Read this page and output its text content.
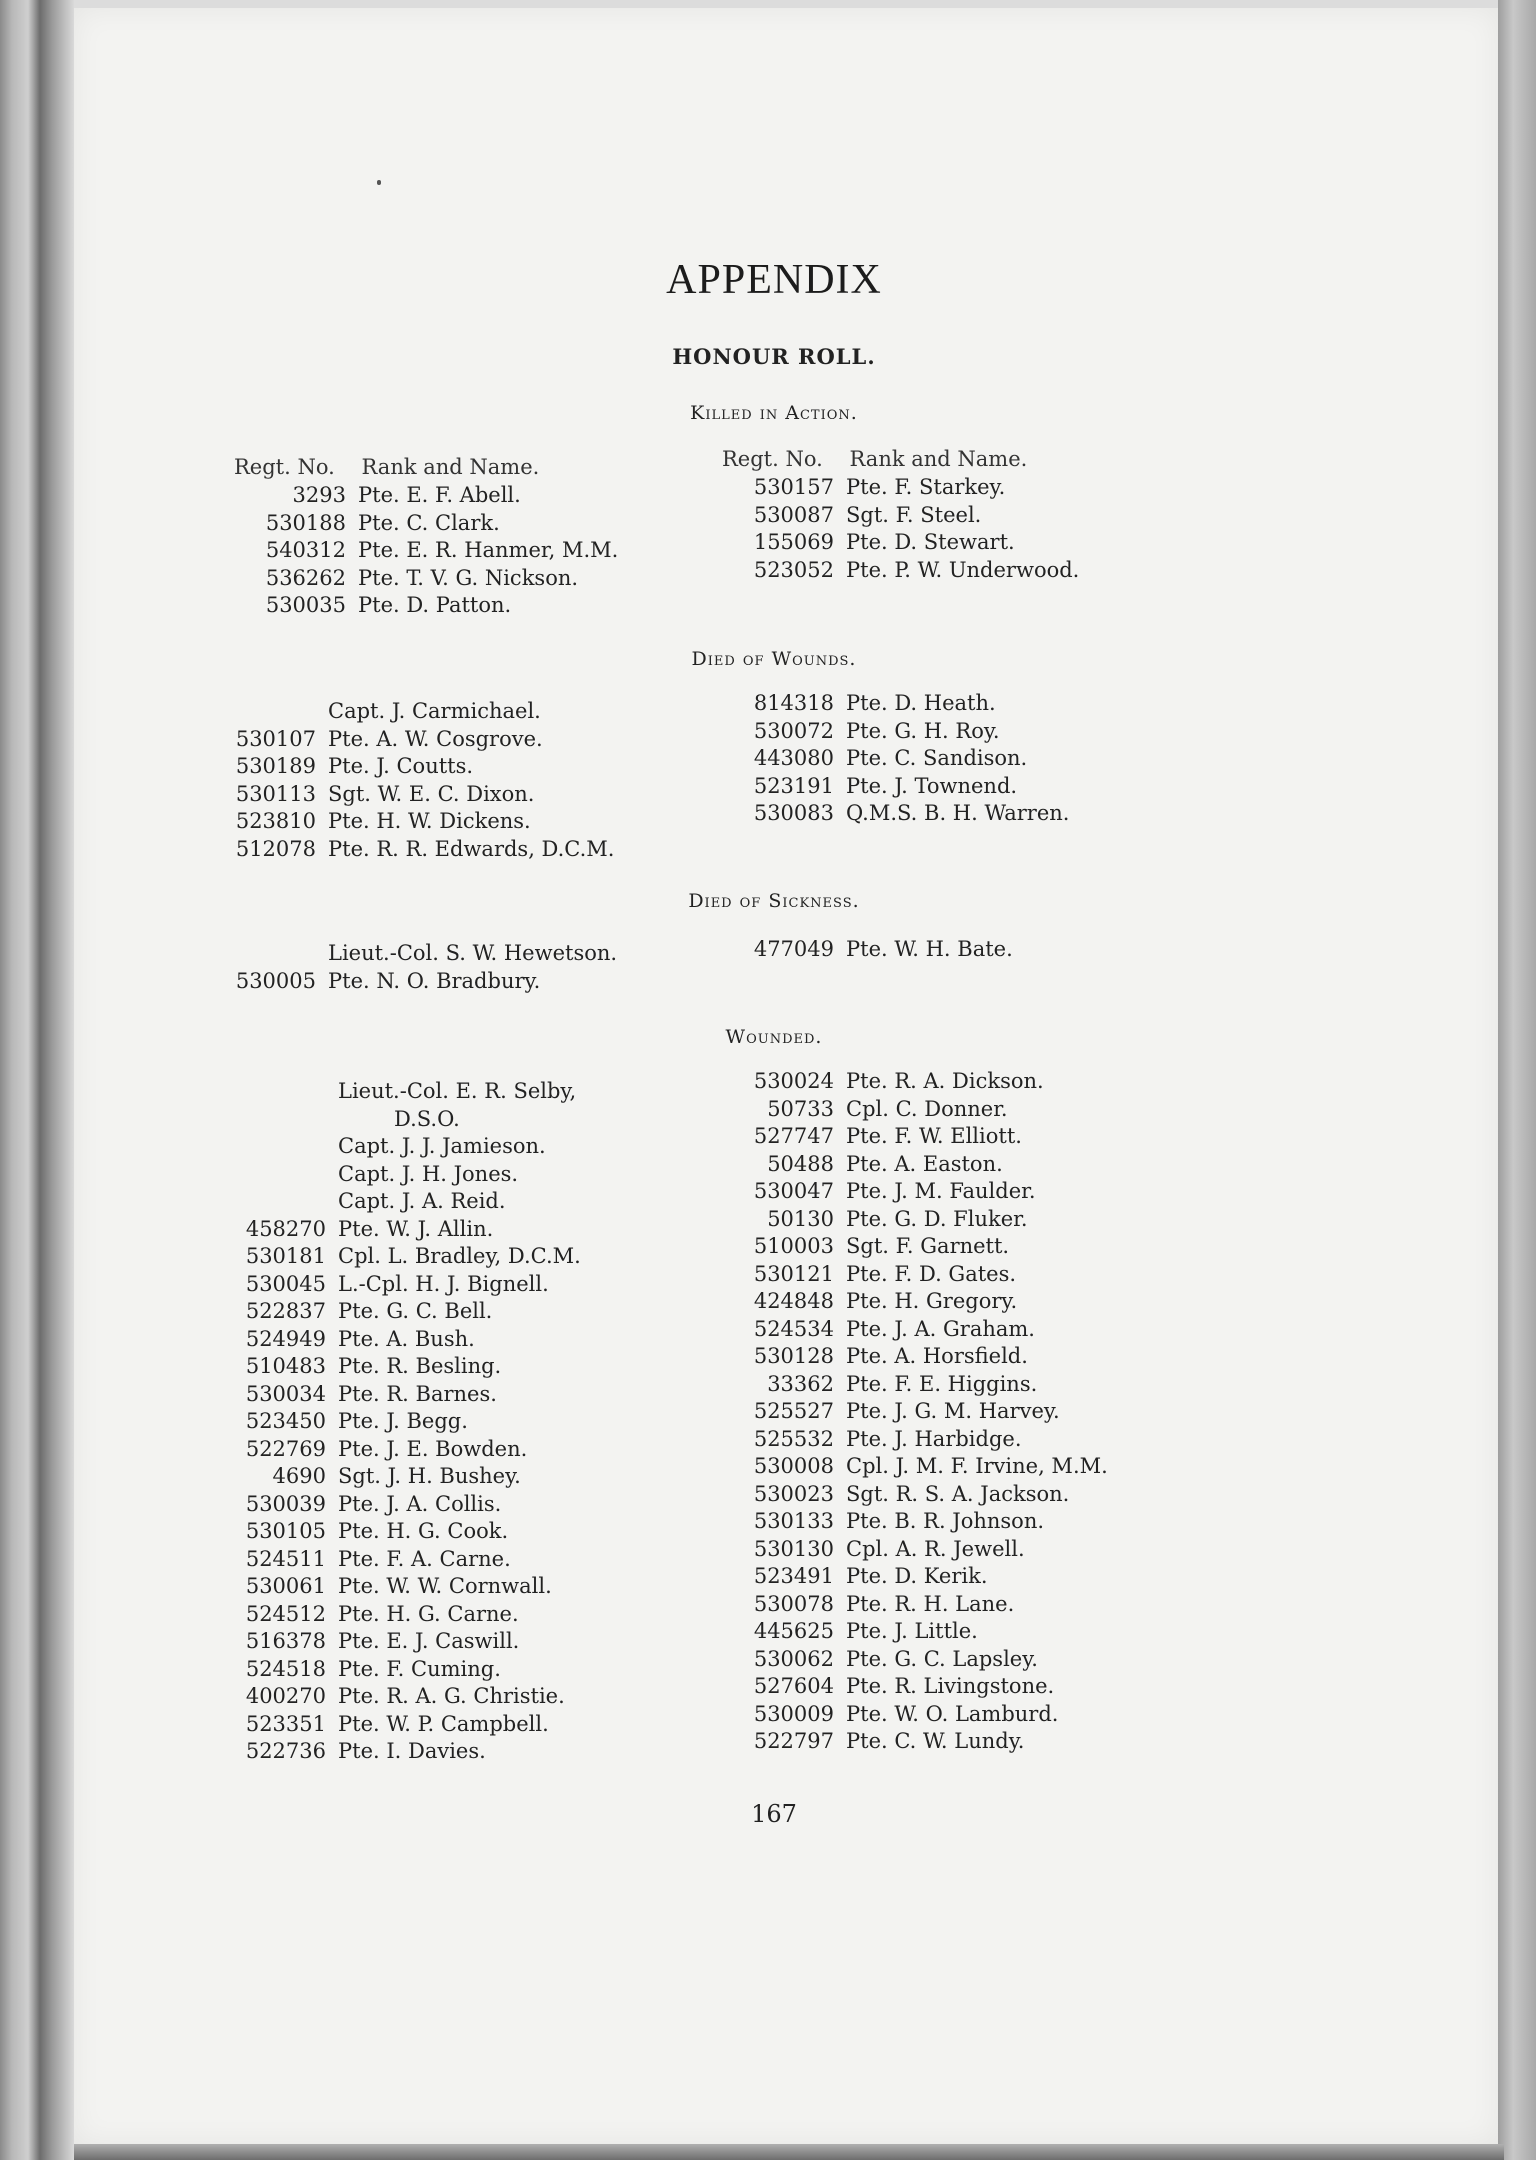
APPENDIX
HONOUR ROLL.
Killed in Action.
Regt. No. Rank and Name.
3293 Pte. E. F. Abell.
530188 Pte. C. Clark.
540312 Pte. E. R. Hanmer, M.M.
536262 Pte. T. V. G. Nickson.
530035 Pte. D. Patton.
Regt. No. Rank and Name.
530157 Pte. F. Starkey.
530087 Sgt. F. Steel.
155069 Pte. D. Stewart.
523052 Pte. P. W. Underwood.
Died of Wounds.
Capt. J. Carmichael.
530107 Pte. A. W. Cosgrove.
530189 Pte. J. Coutts.
530113 Sgt. W. E. C. Dixon.
523810 Pte. H. W. Dickens.
512078 Pte. R. R. Edwards, D.C.M.
814318 Pte. D. Heath.
530072 Pte. G. H. Roy.
443080 Pte. C. Sandison.
523191 Pte. J. Townend.
530083 Q.M.S. B. H. Warren.
Died of Sickness.
Lieut.-Col. S. W. Hewetson.
530005 Pte. N. O. Bradbury.
477049 Pte. W. H. Bate.
Wounded.
Lieut.-Col. E. R. Selby,
D.S.O.
Capt. J. J. Jamieson.
Capt. J. H. Jones.
Capt. J. A. Reid.
458270 Pte. W. J. Allin.
530181 Cpl. L. Bradley, D.C.M.
530045 L.-Cpl. H. J. Bignell.
522837 Pte. G. C. Bell.
524949 Pte. A. Bush.
510483 Pte. R. Besling.
530034 Pte. R. Barnes.
523450 Pte. J. Begg.
522769 Pte. J. E. Bowden.
4690 Sgt. J. H. Bushey.
530039 Pte. J. A. Collis.
530105 Pte. H. G. Cook.
524511 Pte. F. A. Carne.
530061 Pte. W. W. Cornwall.
524512 Pte. H. G. Carne.
516378 Pte. E. J. Caswill.
524518 Pte. F. Cuming.
400270 Pte. R. A. G. Christie.
523351 Pte. W. P. Campbell.
522736 Pte. I. Davies.
530024 Pte. R. A. Dickson.
50733 Cpl. C. Donner.
527747 Pte. F. W. Elliott.
50488 Pte. A. Easton.
530047 Pte. J. M. Faulder.
50130 Pte. G. D. Fluker.
510003 Sgt. F. Garnett.
530121 Pte. F. D. Gates.
424848 Pte. H. Gregory.
524534 Pte. J. A. Graham.
530128 Pte. A. Horsfield.
33362 Pte. F. E. Higgins.
525527 Pte. J. G. M. Harvey.
525532 Pte. J. Harbidge.
530008 Cpl. J. M. F. Irvine, M.M.
530023 Sgt. R. S. A. Jackson.
530133 Pte. B. R. Johnson.
530130 Cpl. A. R. Jewell.
523491 Pte. D. Kerik.
530078 Pte. R. H. Lane.
445625 Pte. J. Little.
530062 Pte. G. C. Lapsley.
527604 Pte. R. Livingstone.
530009 Pte. W. O. Lamburd.
522797 Pte. C. W. Lundy.
167
